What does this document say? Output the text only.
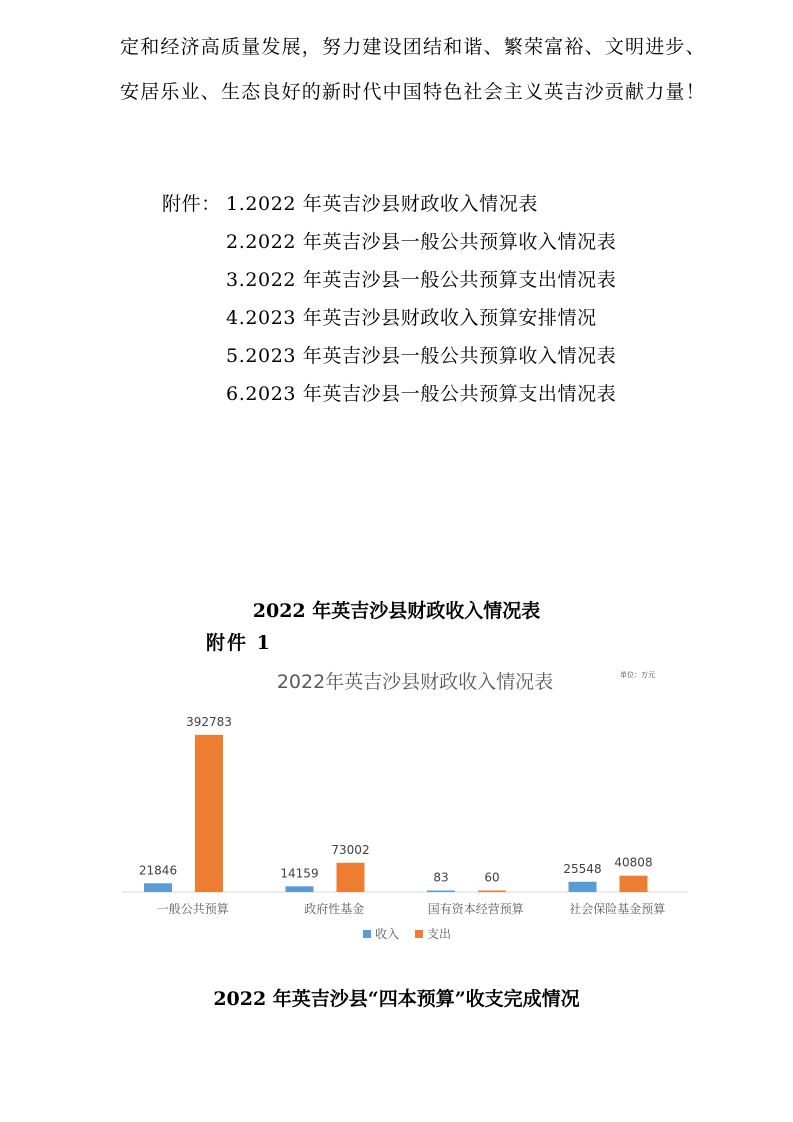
定和经济高质量发展，努力建设团结和谐、繁荣富裕、文明进步、
安居乐业、生态良好的新时代中国特色社会主义英吉沙贡献力量！
附件： 1.2022 年英吉沙县财政收入情况表
2.2022 年英吉沙县一般公共预算收入情况表
3.2022 年英吉沙县一般公共预算支出情况表
4.2023 年英吉沙县财政收入预算安排情况
5.2023 年英吉沙县一般公共预算收入情况表
6.2023 年英吉沙县一般公共预算支出情况表
2022 年英吉沙县财政收入情况表
附件 1
2022年英吉沙县财政收入情况表	单位：万元
21846
392783
一般公共预算
14159
73002
政府性基金
83	60
国有资本经营预算
25548 40808
社会保险基金预算
收入 支出
2022 年英吉沙县“四本预算”收支完成情况
